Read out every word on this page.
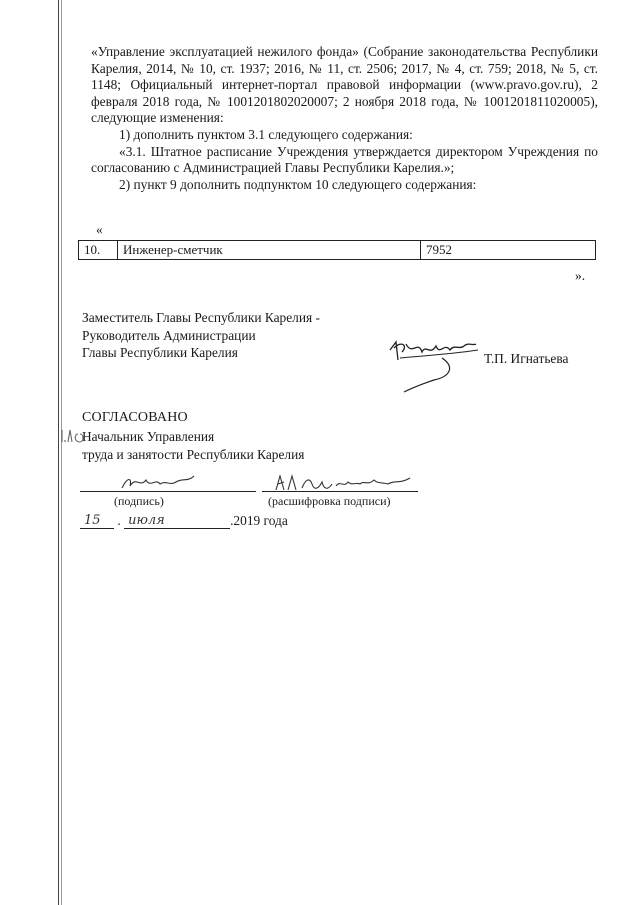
«Управление эксплуатацией нежилого фонда» (Собрание законодательства Республики Карелия, 2014, № 10, ст. 1937; 2016, № 11, ст. 2506; 2017, № 4, ст. 759; 2018, № 5, ст. 1148; Официальный интернет-портал правовой информации (www.pravo.gov.ru), 2 февраля 2018 года, № 1001201802020007; 2 ноября 2018 года, № 1001201811020005), следующие изменения:

1) дополнить пунктом 3.1 следующего содержания:

«3.1. Штатное расписание Учреждения утверждается директором Учреждения по согласованию с Администрацией Главы Республики Карелия.»;

2) пункт 9 дополнить подпунктом 10 следующего содержания:

«
10.	Инженер-сметчик	7952
».
Заместитель Главы Республики Карелия -
Руководитель Администрации
Главы Республики Карелия	Т.П. Игнатьева
СОГЛАСОВАНО
Начальник Управления
труда и занятости Республики Карелия
(подпись)	(расшифровка подписи)
15 . июля	.2019 года
